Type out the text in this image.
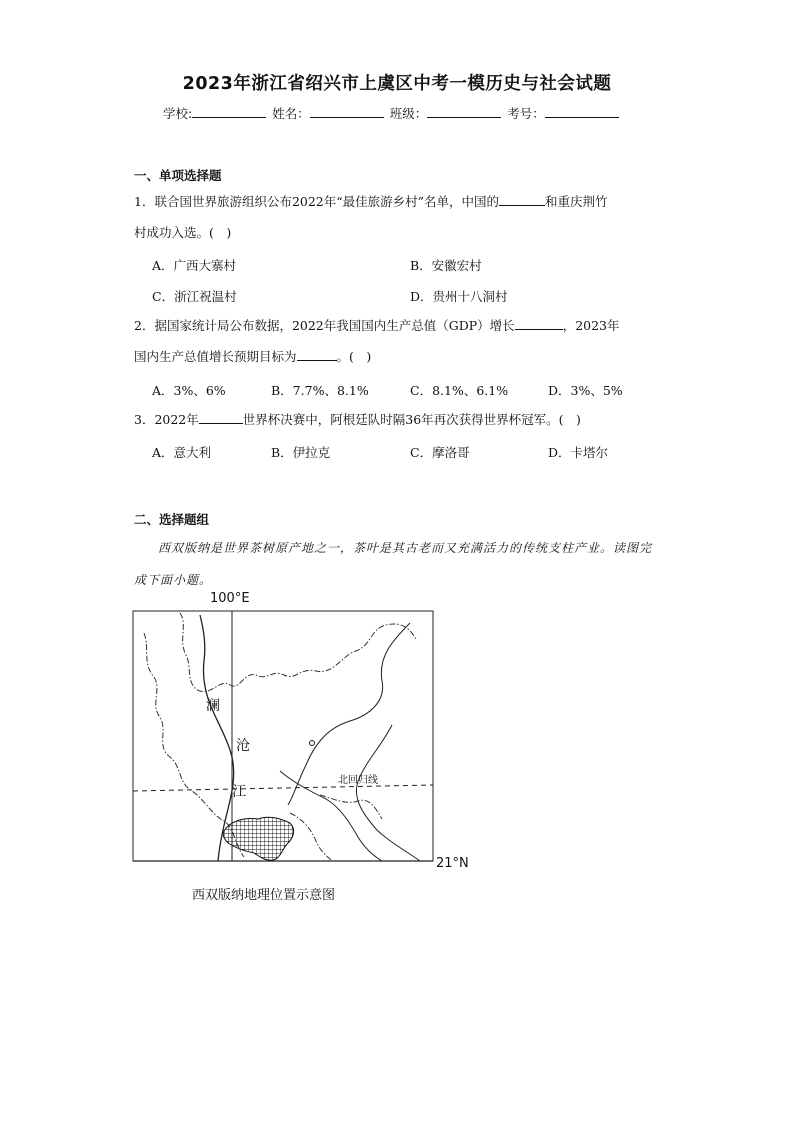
2023年浙江省绍兴市上虞区中考一模历史与社会试题
学校:	姓名：	班级：	考号：
一、单项选择题
1．联合国世界旅游组织公布2022年“最佳旅游乡村”名单，中国的	和重庆荆竹
村成功入选。(　)
A．广西大寨村	B．安徽宏村
C．浙江祝温村	D．贵州十八洞村
2．据国家统计局公布数据，2022年我国国内生产总值（GDP）增长	，2023年
国内生产总值增长预期目标为	。(　)
A．3%、6%	B．7.7%、8.1%	C．8.1%、6.1%	D．3%、5%
3．2022年	世界杯决赛中，阿根廷队时隔36年再次获得世界杯冠军。(　)
A．意大利	B．伊拉克	C．摩洛哥	D．卡塔尔
二、选择题组
西双版纳是世界茶树原产地之一，茶叶是其古老而又充满活力的传统支柱产业。读图完成下面小题。
100°E
21°N
北回归线
澜
沧
江
西双版纳地理位置示意图
